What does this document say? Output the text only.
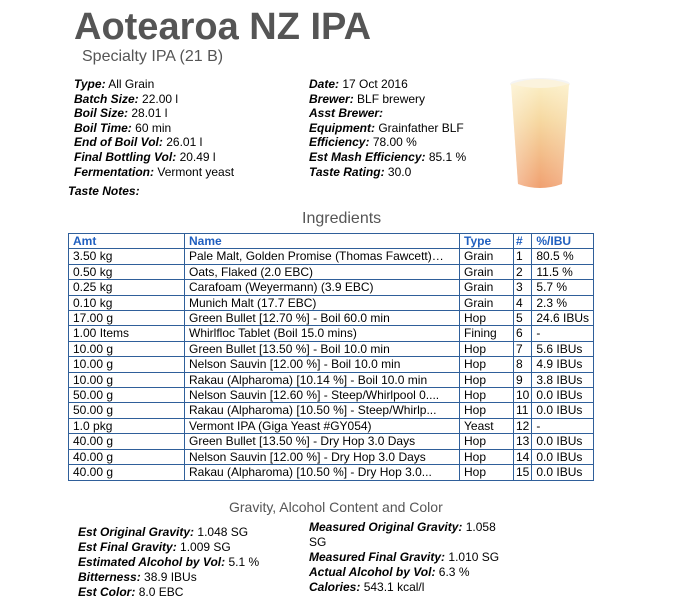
Aotearoa NZ IPA
Specialty IPA (21 B)
Type: All Grain
Batch Size: 22.00 l
Boil Size: 28.01 l
Boil Time: 60 min
End of Boil Vol: 26.01 l
Final Bottling Vol: 20.49 l
Fermentation: Vermont yeast
Taste Notes:
Date: 17 Oct 2016
Brewer: BLF brewery
Asst Brewer:
Equipment: Grainfather BLF
Efficiency: 78.00 %
Est Mash Efficiency: 85.1 %
Taste Rating: 30.0
Ingredients
Amt	Name	Type	#	%/IBU
3.50 kg	Pale Malt, Golden Promise (Thomas Fawcett)…	Grain	1	80.5 %
0.50 kg	Oats, Flaked (2.0 EBC)	Grain	2	11.5 %
0.25 kg	Carafoam (Weyermann) (3.9 EBC)	Grain	3	5.7 %
0.10 kg	Munich Malt (17.7 EBC)	Grain	4	2.3 %
17.00 g	Green Bullet [12.70 %] - Boil 60.0 min	Hop	5	24.6 IBUs
1.00 Items	Whirlfloc Tablet (Boil 15.0 mins)	Fining	6	-
10.00 g	Green Bullet [13.50 %] - Boil 10.0 min	Hop	7	5.6 IBUs
10.00 g	Nelson Sauvin [12.00 %] - Boil 10.0 min	Hop	8	4.9 IBUs
10.00 g	Rakau (Alpharoma) [10.14 %] - Boil 10.0 min	Hop	9	3.8 IBUs
50.00 g	Nelson Sauvin [12.60 %] - Steep/Whirlpool 0....	Hop	10	0.0 IBUs
50.00 g	Rakau (Alpharoma) [10.50 %] - Steep/Whirlp...	Hop	11	0.0 IBUs
1.0 pkg	Vermont IPA (Giga Yeast #GY054)	Yeast	12	-
40.00 g	Green Bullet [13.50 %] - Dry Hop 3.0 Days	Hop	13	0.0 IBUs
40.00 g	Nelson Sauvin [12.00 %] - Dry Hop 3.0 Days	Hop	14	0.0 IBUs
40.00 g	Rakau (Alpharoma) [10.50 %] - Dry Hop 3.0...	Hop	15	0.0 IBUs
Gravity, Alcohol Content and Color
Est Original Gravity: 1.048 SG
Est Final Gravity: 1.009 SG
Estimated Alcohol by Vol: 5.1 %
Bitterness: 38.9 IBUs
Est Color: 8.0 EBC
Measured Original Gravity: 1.058
SG
Measured Final Gravity: 1.010 SG
Actual Alcohol by Vol: 6.3 %
Calories: 543.1 kcal/l
